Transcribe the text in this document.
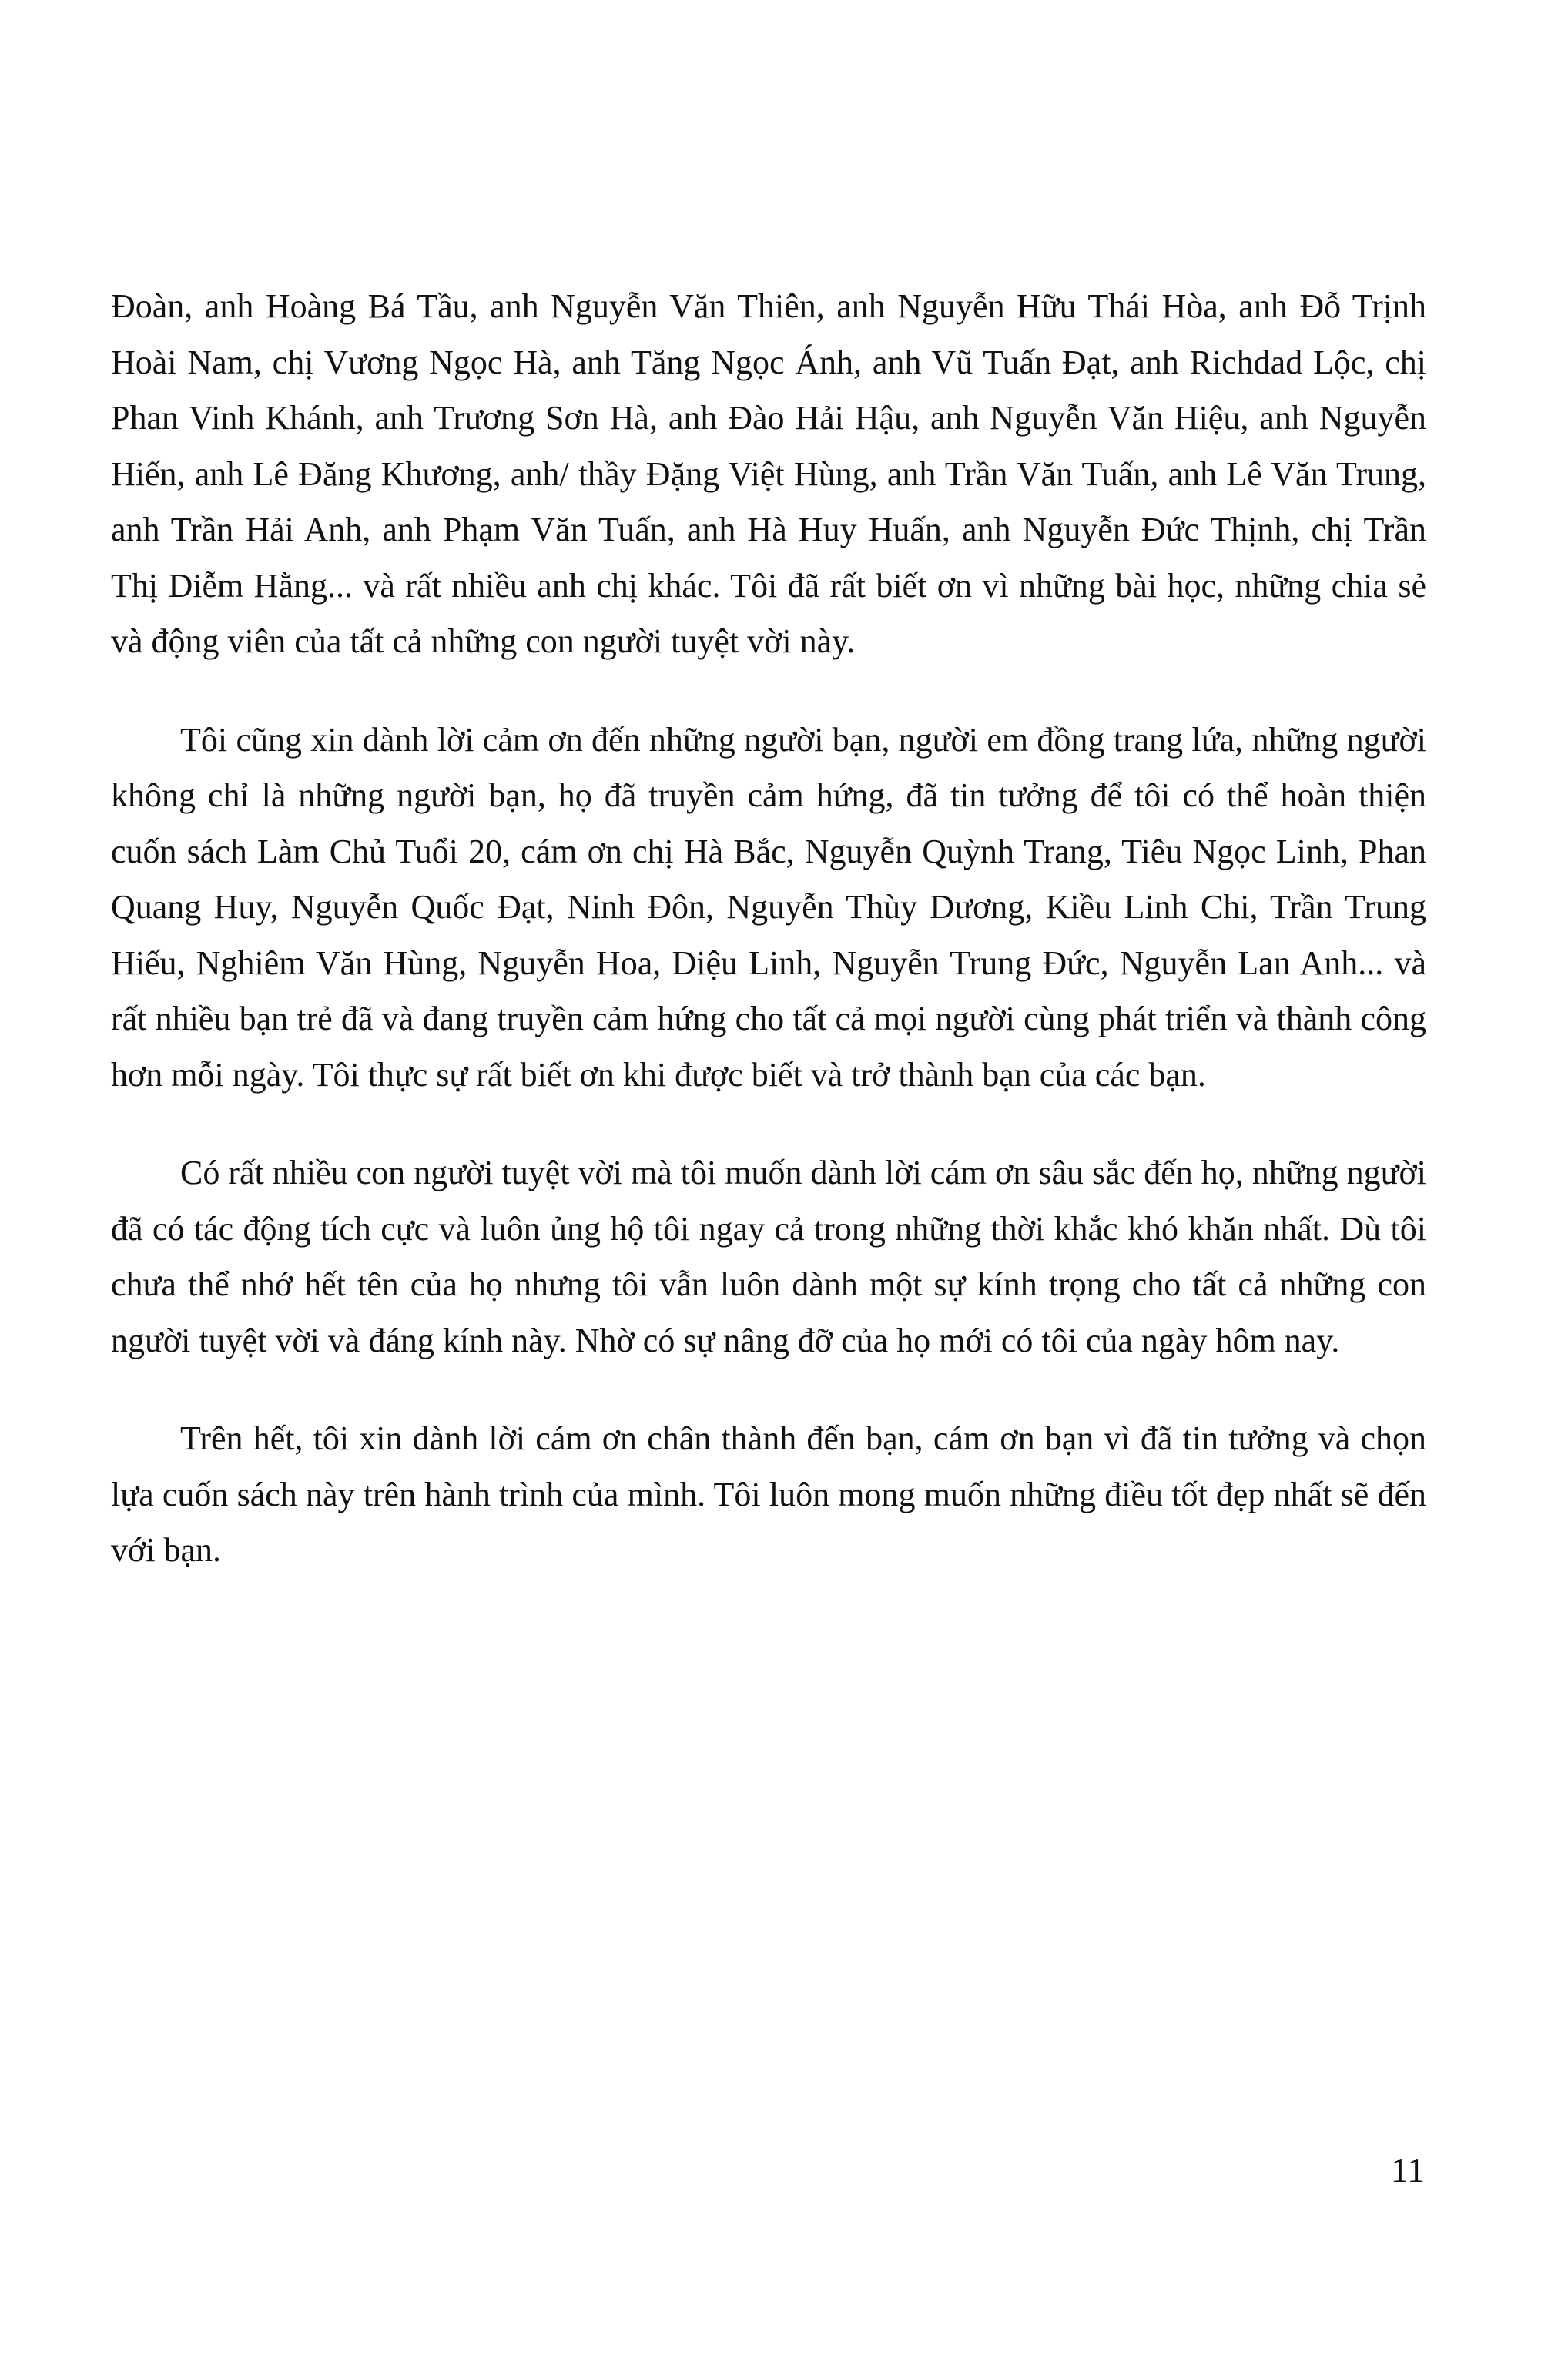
Đoàn, anh Hoàng Bá Tầu, anh Nguyễn Văn Thiên, anh Nguyễn Hữu Thái Hòa, anh Đỗ Trịnh Hoài Nam, chị Vương Ngọc Hà, anh Tăng Ngọc Ánh, anh Vũ Tuấn Đạt, anh Richdad Lộc, chị Phan Vinh Khánh, anh Trương Sơn Hà, anh Đào Hải Hậu, anh Nguyễn Văn Hiệu, anh Nguyễn Hiến, anh Lê Đăng Khương, anh/ thầy Đặng Việt Hùng, anh Trần Văn Tuấn, anh Lê Văn Trung, anh Trần Hải Anh, anh Phạm Văn Tuấn, anh Hà Huy Huấn, anh Nguyễn Đức Thịnh, chị Trần Thị Diễm Hằng... và rất nhiều anh chị khác. Tôi đã rất biết ơn vì những bài học, những chia sẻ và động viên của tất cả những con người tuyệt vời này.

Tôi cũng xin dành lời cảm ơn đến những người bạn, người em đồng trang lứa, những người không chỉ là những người bạn, họ đã truyền cảm hứng, đã tin tưởng để tôi có thể hoàn thiện cuốn sách Làm Chủ Tuổi 20, cám ơn chị Hà Bắc, Nguyễn Quỳnh Trang, Tiêu Ngọc Linh, Phan Quang Huy, Nguyễn Quốc Đạt, Ninh Đôn, Nguyễn Thùy Dương, Kiều Linh Chi, Trần Trung Hiếu, Nghiêm Văn Hùng, Nguyễn Hoa, Diệu Linh, Nguyễn Trung Đức, Nguyễn Lan Anh... và rất nhiều bạn trẻ đã và đang truyền cảm hứng cho tất cả mọi người cùng phát triển và thành công hơn mỗi ngày. Tôi thực sự rất biết ơn khi được biết và trở thành bạn của các bạn.

Có rất nhiều con người tuyệt vời mà tôi muốn dành lời cám ơn sâu sắc đến họ, những người đã có tác động tích cực và luôn ủng hộ tôi ngay cả trong những thời khắc khó khăn nhất. Dù tôi chưa thể nhớ hết tên của họ nhưng tôi vẫn luôn dành một sự kính trọng cho tất cả những con người tuyệt vời và đáng kính này. Nhờ có sự nâng đỡ của họ mới có tôi của ngày hôm nay.

Trên hết, tôi xin dành lời cám ơn chân thành đến bạn, cám ơn bạn vì đã tin tưởng và chọn lựa cuốn sách này trên hành trình của mình. Tôi luôn mong muốn những điều tốt đẹp nhất sẽ đến với bạn.

11
